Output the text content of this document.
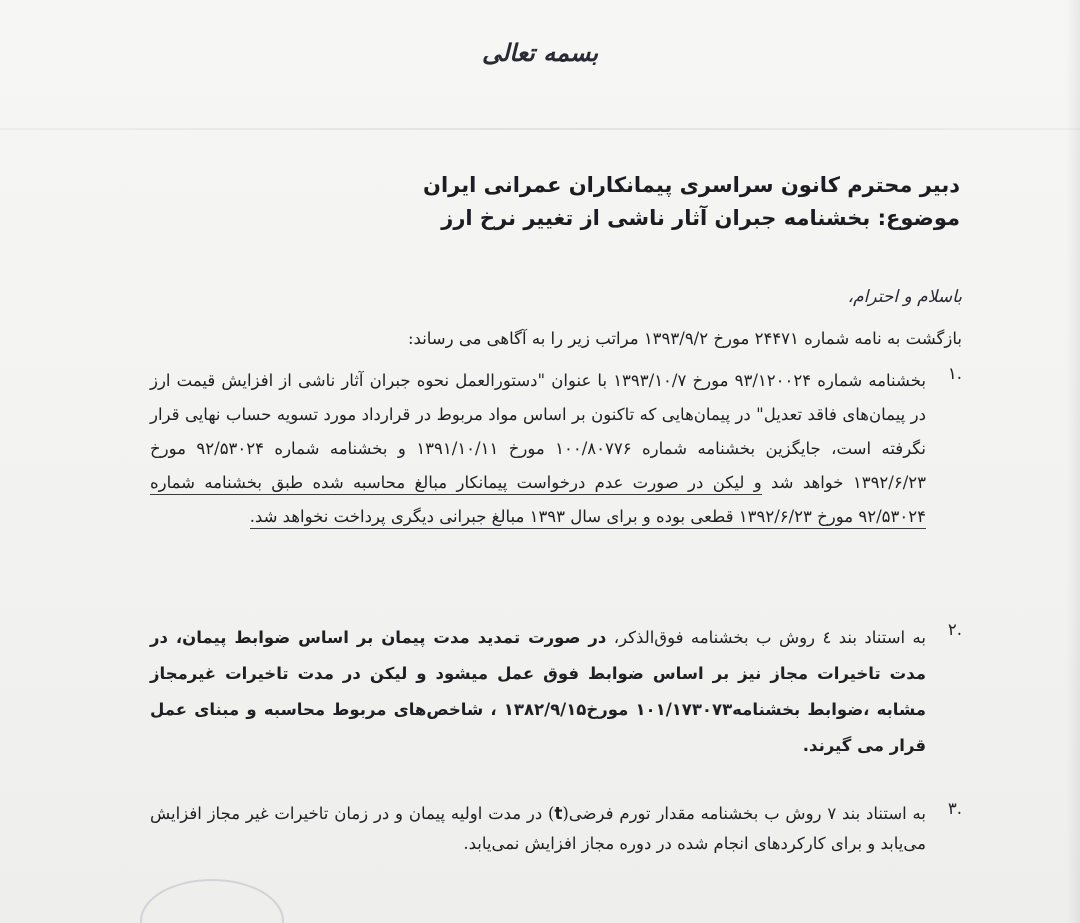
بسمه تعالی
دبیر محترم کانون سراسری پیمانکاران عمرانی ایران
موضوع: بخشنامه جبران آثار ناشی از تغییر نرخ ارز
باسلام و احترام،
بازگشت به نامه شماره ۲۴۴۷۱ مورخ ۱۳۹۳/۹/۲ مراتب زیر را به آگاهی می رساند:
.۱
بخشنامه شماره ۹۳/۱۲۰۰۲۴ مورخ ۱۳۹۳/۱۰/۷ با عنوان "دستورالعمل نحوه جبران آثار ناشی از افزایش قیمت ارز در پیمان‌های فاقد تعدیل" در پیمان‌هایی که تاکنون بر اساس مواد مربوط در قرارداد مورد تسویه حساب نهایی قرار نگرفته است، جایگزین بخشنامه شماره ۱۰۰/۸۰۷۷۶ مورخ ۱۳۹۱/۱۰/۱۱ و بخشنامه شماره ۹۲/۵۳۰۲۴ مورخ ۱۳۹۲/۶/۲۳ خواهد شد و لیکن در صورت عدم درخواست پیمانکار مبالغ محاسبه شده طبق بخشنامه شماره ۹۲/۵۳۰۲۴ مورخ ۱۳۹۲/۶/۲۳ قطعی بوده و برای سال ۱۳۹۳ مبالغ جبرانی دیگری پرداخت نخواهد شد.
.۲
به استناد بند ٤ روش ب بخشنامه فوق‌الذکر، در صورت تمدید مدت پیمان بر اساس ضوابط پیمان، در مدت تاخیرات مجاز نیز بر اساس ضوابط فوق عمل میشود و لیکن در مدت تاخیرات غیرمجاز مشابه ،ضوابط بخشنامه۱۰۱/۱۷۳۰۷۳ مورخ۱۳۸۲/۹/۱۵ ، شاخص‌های مربوط محاسبه و مبنای عمل قرار می گیرند.
.۳
به استناد بند ۷ روش ب بخشنامه مقدار تورم فرضی(t) در مدت اولیه پیمان و در زمان تاخیرات غیر مجاز افزایش می‌یابد و برای کارکردهای انجام شده در دوره مجاز افزایش نمی‌یابد.
